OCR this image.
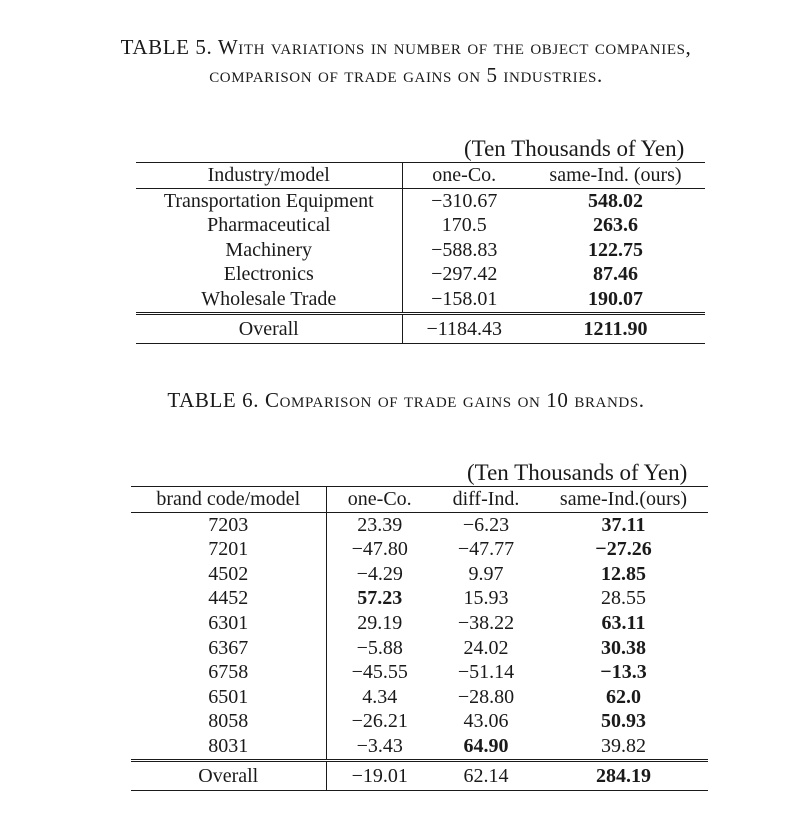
TABLE 5. With variations in number of the object companies,
comparison of trade gains on 5 industries.
(Ten Thousands of Yen)
Industry/model	one-Co.	same-Ind. (ours)
Transportation Equipment	−310.67	548.02
Pharmaceutical	170.5	263.6
Machinery	−588.83	122.75
Electronics	−297.42	87.46
Wholesale Trade	−158.01	190.07
Overall	−1184.43	1211.90
TABLE 6. Comparison of trade gains on 10 brands.
(Ten Thousands of Yen)
brand code/model	one-Co.	diff-Ind.	same-Ind.(ours)
7203	23.39	−6.23	37.11
7201	−47.80	−47.77	−27.26
4502	−4.29	9.97	12.85
4452	57.23	15.93	28.55
6301	29.19	−38.22	63.11
6367	−5.88	24.02	30.38
6758	−45.55	−51.14	−13.3
6501	4.34	−28.80	62.0
8058	−26.21	43.06	50.93
8031	−3.43	64.90	39.82
Overall	−19.01	62.14	284.19
